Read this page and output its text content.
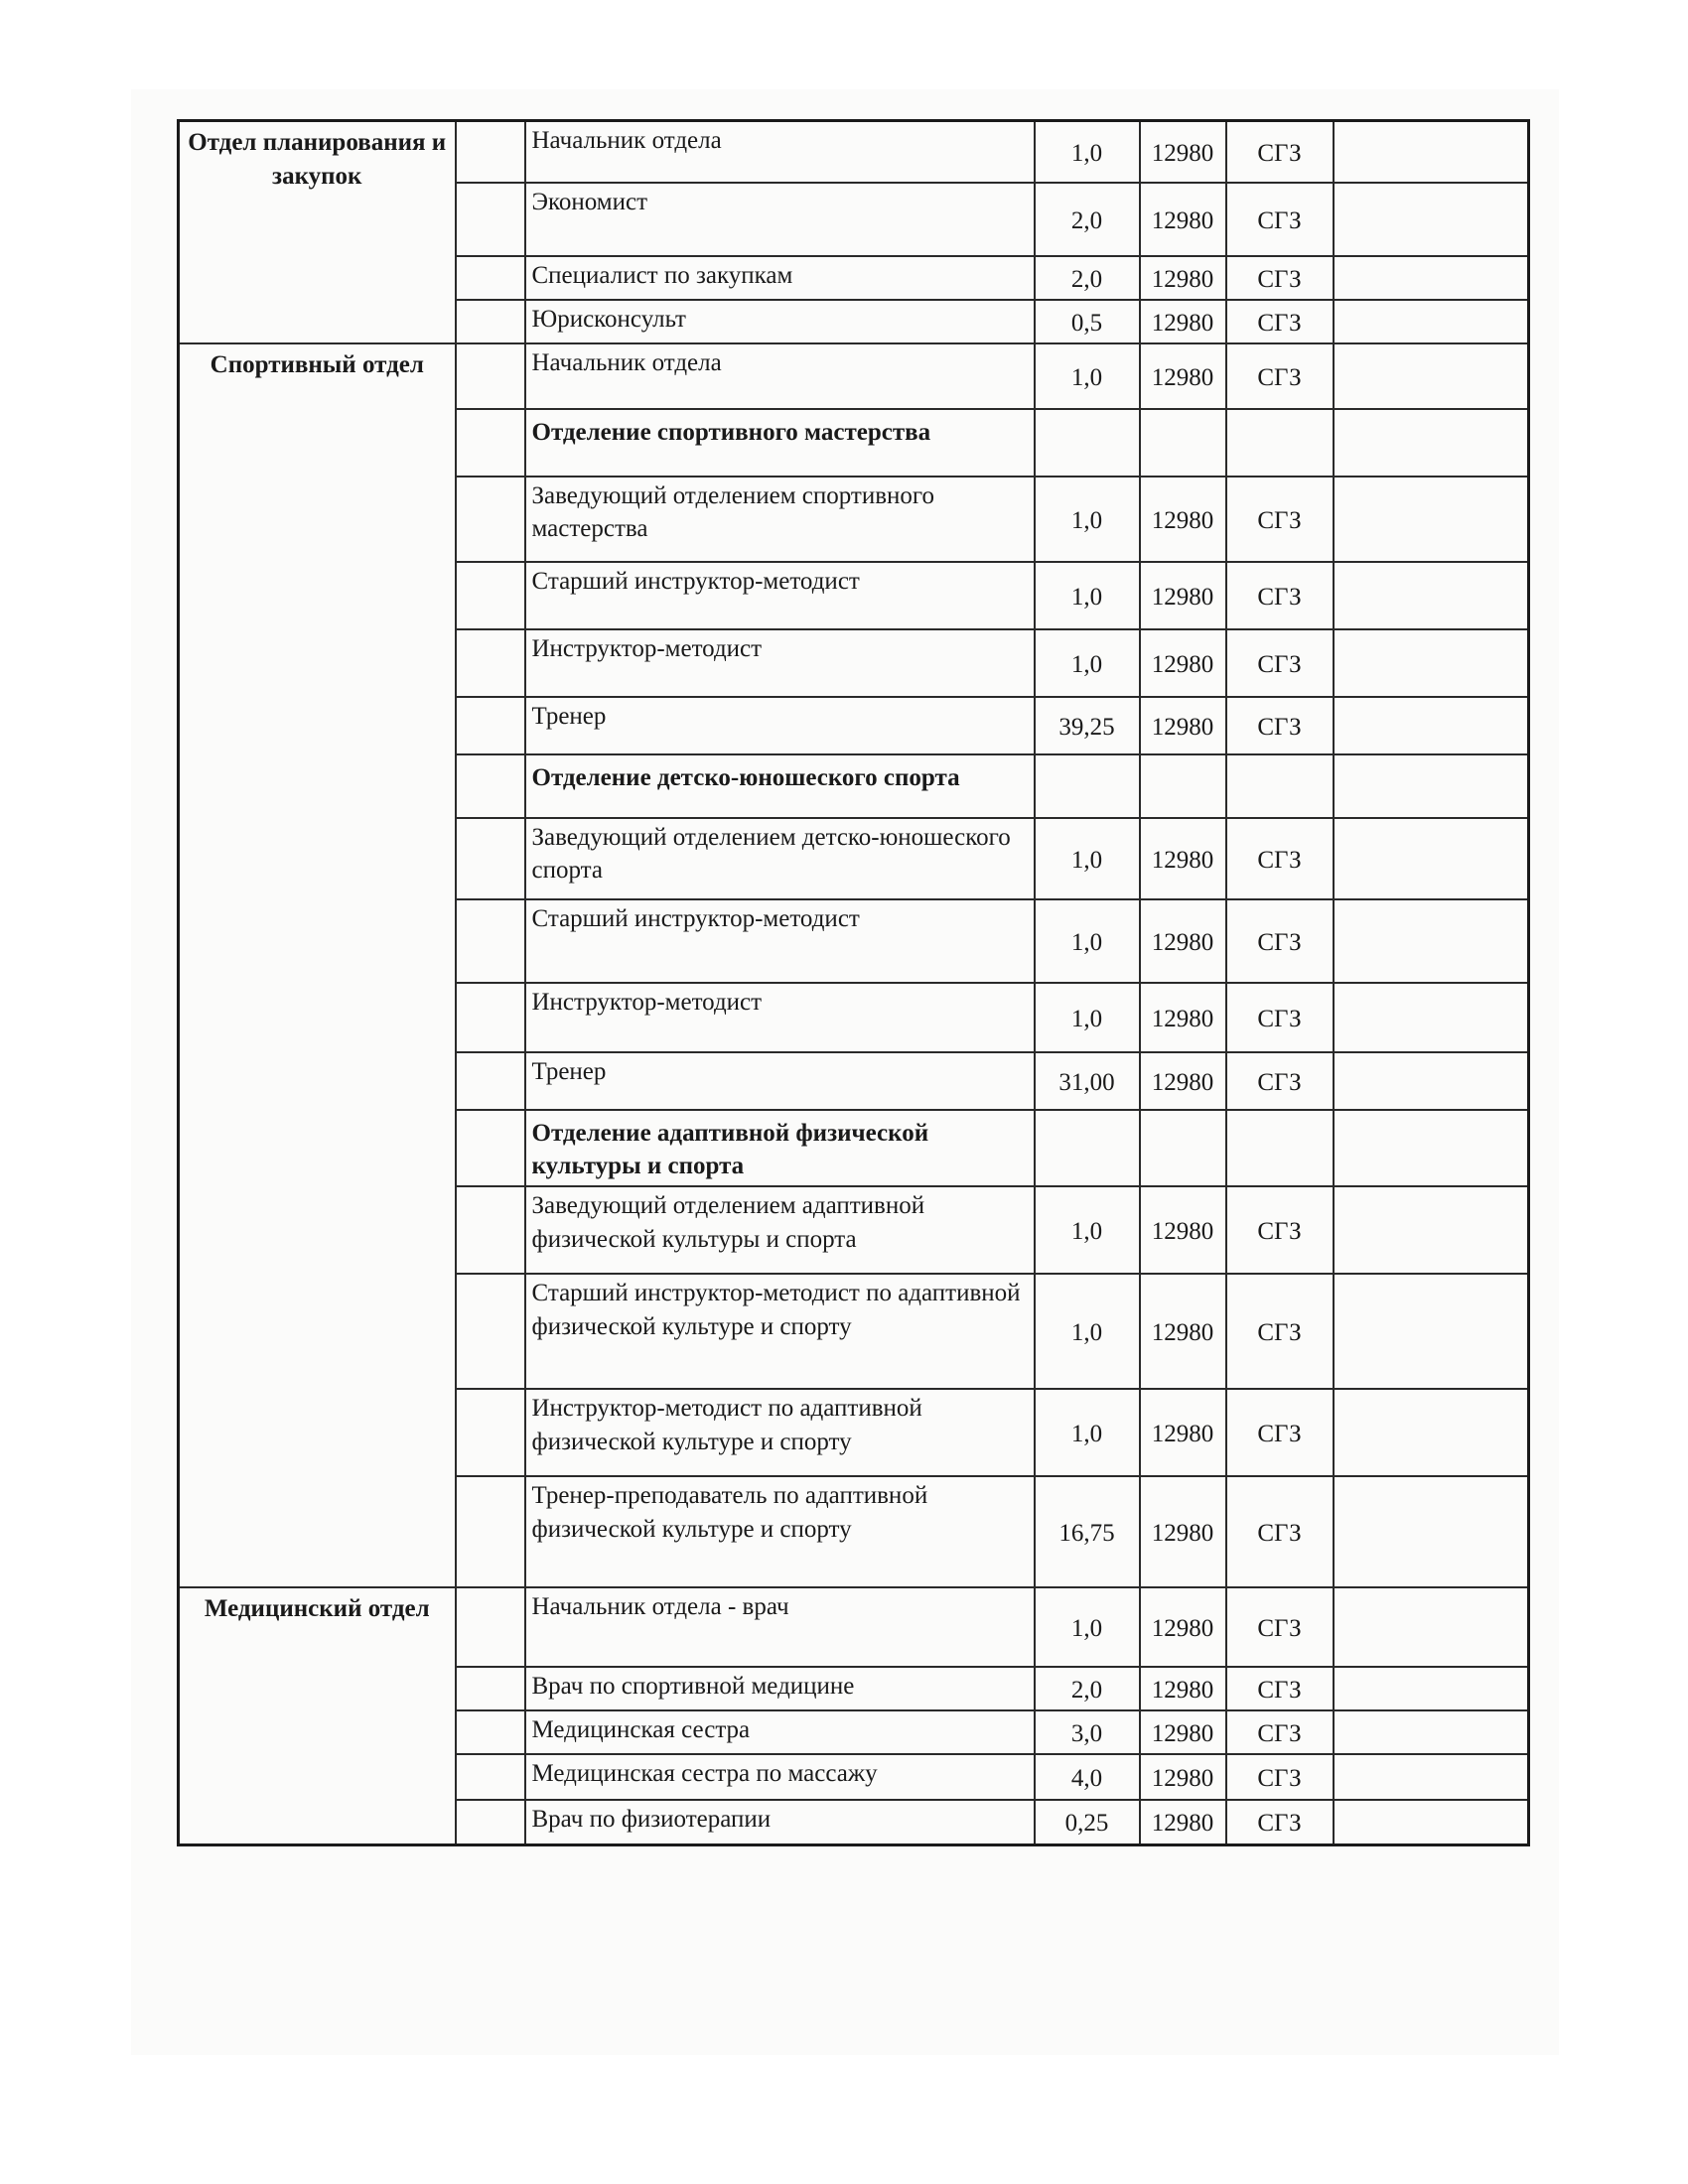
Отдел планирования и закупок		Начальник отдела	1,0	12980	СГЗ	
		Экономист	2,0	12980	СГЗ	
		Специалист по закупкам	2,0	12980	СГЗ	
		Юрисконсульт	0,5	12980	СГЗ	
Спортивный отдел		Начальник отдела	1,0	12980	СГЗ	
		Отделение спортивного мастерства				
		Заведующий отделением спортивного мастерства	1,0	12980	СГЗ	
		Старший инструктор-методист	1,0	12980	СГЗ	
		Инструктор-методист	1,0	12980	СГЗ	
		Тренер	39,25	12980	СГЗ	
		Отделение детско-юношеского спорта				
		Заведующий отделением детско-юношеского спорта	1,0	12980	СГЗ	
		Старший инструктор-методист	1,0	12980	СГЗ	
		Инструктор-методист	1,0	12980	СГЗ	
		Тренер	31,00	12980	СГЗ	
		Отделение адаптивной физической культуры и спорта				
		Заведующий отделением адаптивной физической культуры и спорта	1,0	12980	СГЗ	
		Старший инструктор-методист по адаптивной физической культуре и спорту	1,0	12980	СГЗ	
		Инструктор-методист по адаптивной физической культуре и спорту	1,0	12980	СГЗ	
		Тренер-преподаватель по адаптивной физической культуре и спорту	16,75	12980	СГЗ	
Медицинский отдел		Начальник отдела - врач	1,0	12980	СГЗ	
		Врач по спортивной медицине	2,0	12980	СГЗ	
		Медицинская сестра	3,0	12980	СГЗ	
		Медицинская сестра по массажу	4,0	12980	СГЗ	
		Врач по физиотерапии	0,25	12980	СГЗ	
